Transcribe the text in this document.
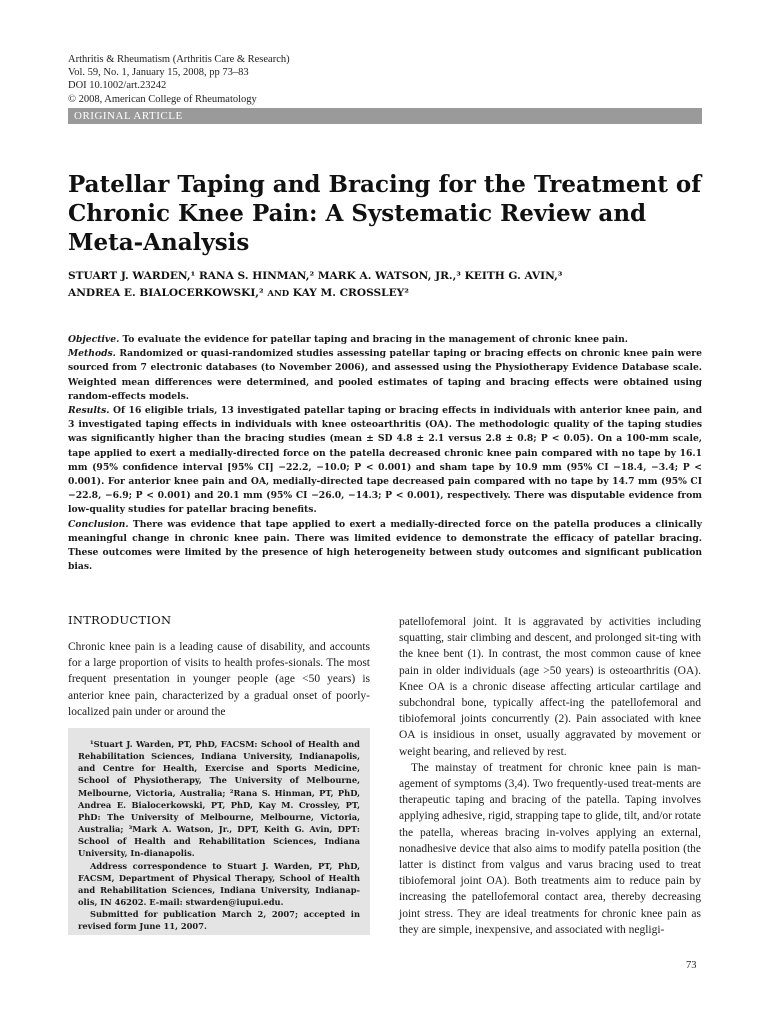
Arthritis & Rheumatism (Arthritis Care & Research)
Vol. 59, No. 1, January 15, 2008, pp 73–83
DOI 10.1002/art.23242
© 2008, American College of Rheumatology
ORIGINAL ARTICLE
Patellar Taping and Bracing for the Treatment of
Chronic Knee Pain: A Systematic Review and
Meta-Analysis
STUART J. WARDEN,¹ RANA S. HINMAN,² MARK A. WATSON, JR.,³ KEITH G. AVIN,³
ANDREA E. BIALOCERKOWSKI,² AND KAY M. CROSSLEY²

Objective. To evaluate the evidence for patellar taping and bracing in the management of chronic knee pain.

Methods. Randomized or quasi-randomized studies assessing patellar taping or bracing effects on chronic knee pain were sourced from 7 electronic databases (to November 2006), and assessed using the Physiotherapy Evidence Database scale. Weighted mean differences were determined, and pooled estimates of taping and bracing effects were obtained using random-effects models.

Results. Of 16 eligible trials, 13 investigated patellar taping or bracing effects in individuals with anterior knee pain, and 3 investigated taping effects in individuals with knee osteoarthritis (OA). The methodologic quality of the taping studies was significantly higher than the bracing studies (mean ± SD 4.8 ± 2.1 versus 2.8 ± 0.8; P < 0.05). On a 100-mm scale, tape applied to exert a medially-directed force on the patella decreased chronic knee pain compared with no tape by 16.1 mm (95% confidence interval [95% CI] −22.2, −10.0; P < 0.001) and sham tape by 10.9 mm (95% CI −18.4, −3.4; P < 0.001). For anterior knee pain and OA, medially-directed tape decreased pain compared with no tape by 14.7 mm (95% CI −22.8, −6.9; P < 0.001) and 20.1 mm (95% CI −26.0, −14.3; P < 0.001), respectively. There was disputable evidence from low-quality studies for patellar bracing benefits.

Conclusion. There was evidence that tape applied to exert a medially-directed force on the patella produces a clinically meaningful change in chronic knee pain. There was limited evidence to demonstrate the efficacy of patellar bracing. These outcomes were limited by the presence of high heterogeneity between study outcomes and significant publication bias.

INTRODUCTION

Chronic knee pain is a leading cause of disability, and accounts for a large proportion of visits to health profes-sionals. The most frequent presentation in younger people (age <50 years) is anterior knee pain, characterized by a gradual onset of poorly-localized pain under or around the

¹Stuart J. Warden, PT, PhD, FACSM: School of Health and Rehabilitation Sciences, Indiana University, Indianapolis, and Centre for Health, Exercise and Sports Medicine, School of Physiotherapy, The University of Melbourne, Melbourne, Victoria, Australia; ²Rana S. Hinman, PT, PhD, Andrea E. Bialocerkowski, PT, PhD, Kay M. Crossley, PT, PhD: The University of Melbourne, Melbourne, Victoria, Australia; ³Mark A. Watson, Jr., DPT, Keith G. Avin, DPT: School of Health and Rehabilitation Sciences, Indiana University, In-dianapolis.

Address correspondence to Stuart J. Warden, PT, PhD, FACSM, Department of Physical Therapy, School of Health and Rehabilitation Sciences, Indiana University, Indianap-olis, IN 46202. E-mail: stwarden@iupui.edu.

Submitted for publication March 2, 2007; accepted in revised form June 11, 2007.

patellofemoral joint. It is aggravated by activities including squatting, stair climbing and descent, and prolonged sit-ting with the knee bent (1). In contrast, the most common cause of knee pain in older individuals (age >50 years) is osteoarthritis (OA). Knee OA is a chronic disease affecting articular cartilage and subchondral bone, typically affect-ing the patellofemoral and tibiofemoral joints concurrently (2). Pain associated with knee OA is insidious in onset, usually aggravated by movement or weight bearing, and relieved by rest.

The mainstay of treatment for chronic knee pain is man-agement of symptoms (3,4). Two frequently-used treat-ments are therapeutic taping and bracing of the patella. Taping involves applying adhesive, rigid, strapping tape to glide, tilt, and/or rotate the patella, whereas bracing in-volves applying an external, nonadhesive device that also aims to modify patella position (the latter is distinct from valgus and varus bracing used to treat tibiofemoral joint OA). Both treatments aim to reduce pain by increasing the patellofemoral contact area, thereby decreasing joint stress. They are ideal treatments for chronic knee pain as they are simple, inexpensive, and associated with negligi-

73
